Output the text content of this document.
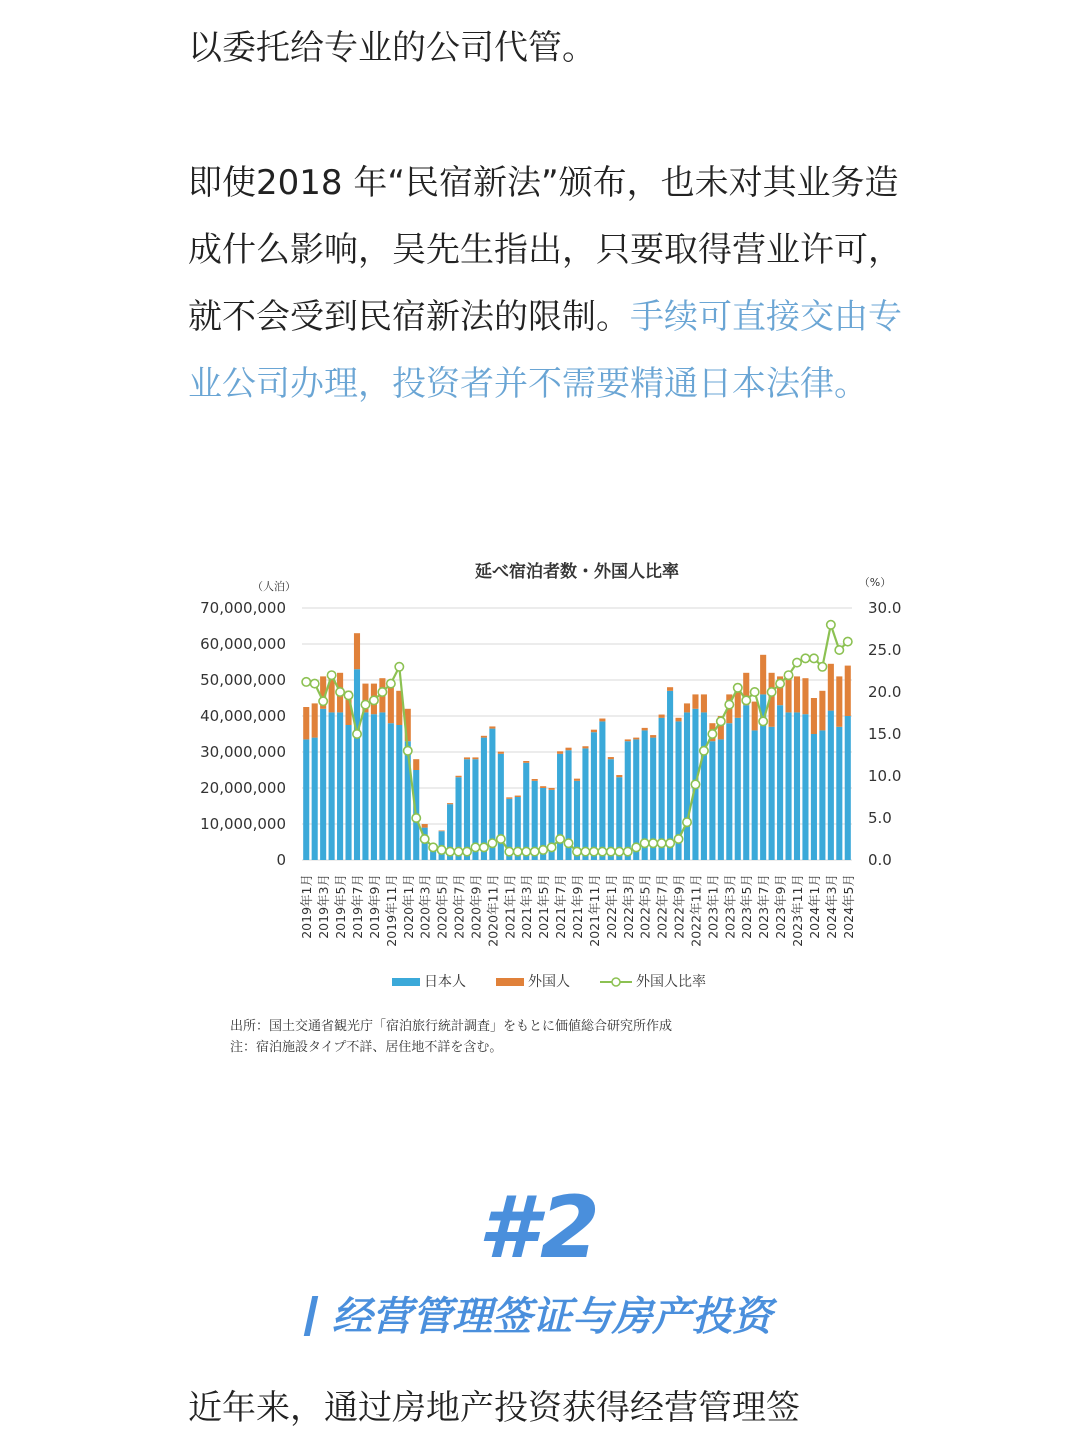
以委托给专业的公司代管。
即使2018 年“民宿新法”颁布，也未对其业务造成什么影响，吴先生指出，只要取得营业许可，就不会受到民宿新法的限制。手续可直接交由专业公司办理，投资者并不需要精通日本法律。
延べ宿泊者数・外国人比率
（人泊）	（%）
70,000,000
60,000,000
50,000,000
40,000,000
30,000,000
20,000,000
10,000,000
0
30.0
25.0
20.0
15.0
10.0
5.0
0.0
2019年1月 2019年3月 2019年5月 2019年7月 2019年9月 2019年11月 2020年1月 2020年3月 2020年5月 2020年7月 2020年9月 2020年11月 2021年1月 2021年3月 2021年5月 2021年7月 2021年9月 2021年11月 2022年1月 2022年3月 2022年5月 2022年7月 2022年9月 2022年11月 2023年1月 2023年3月 2023年5月 2023年7月 2023年9月 2023年11月 2024年1月 2024年3月 2024年5月
日本人	外国人	外国人比率
出所：国土交通省観光庁「宿泊旅行統計調査」をもとに価値総合研究所作成
注：宿泊施設タイプ不詳、居住地不詳を含む。
#2
经营管理签证与房产投资
近年来，通过房地产投资获得经营管理签
